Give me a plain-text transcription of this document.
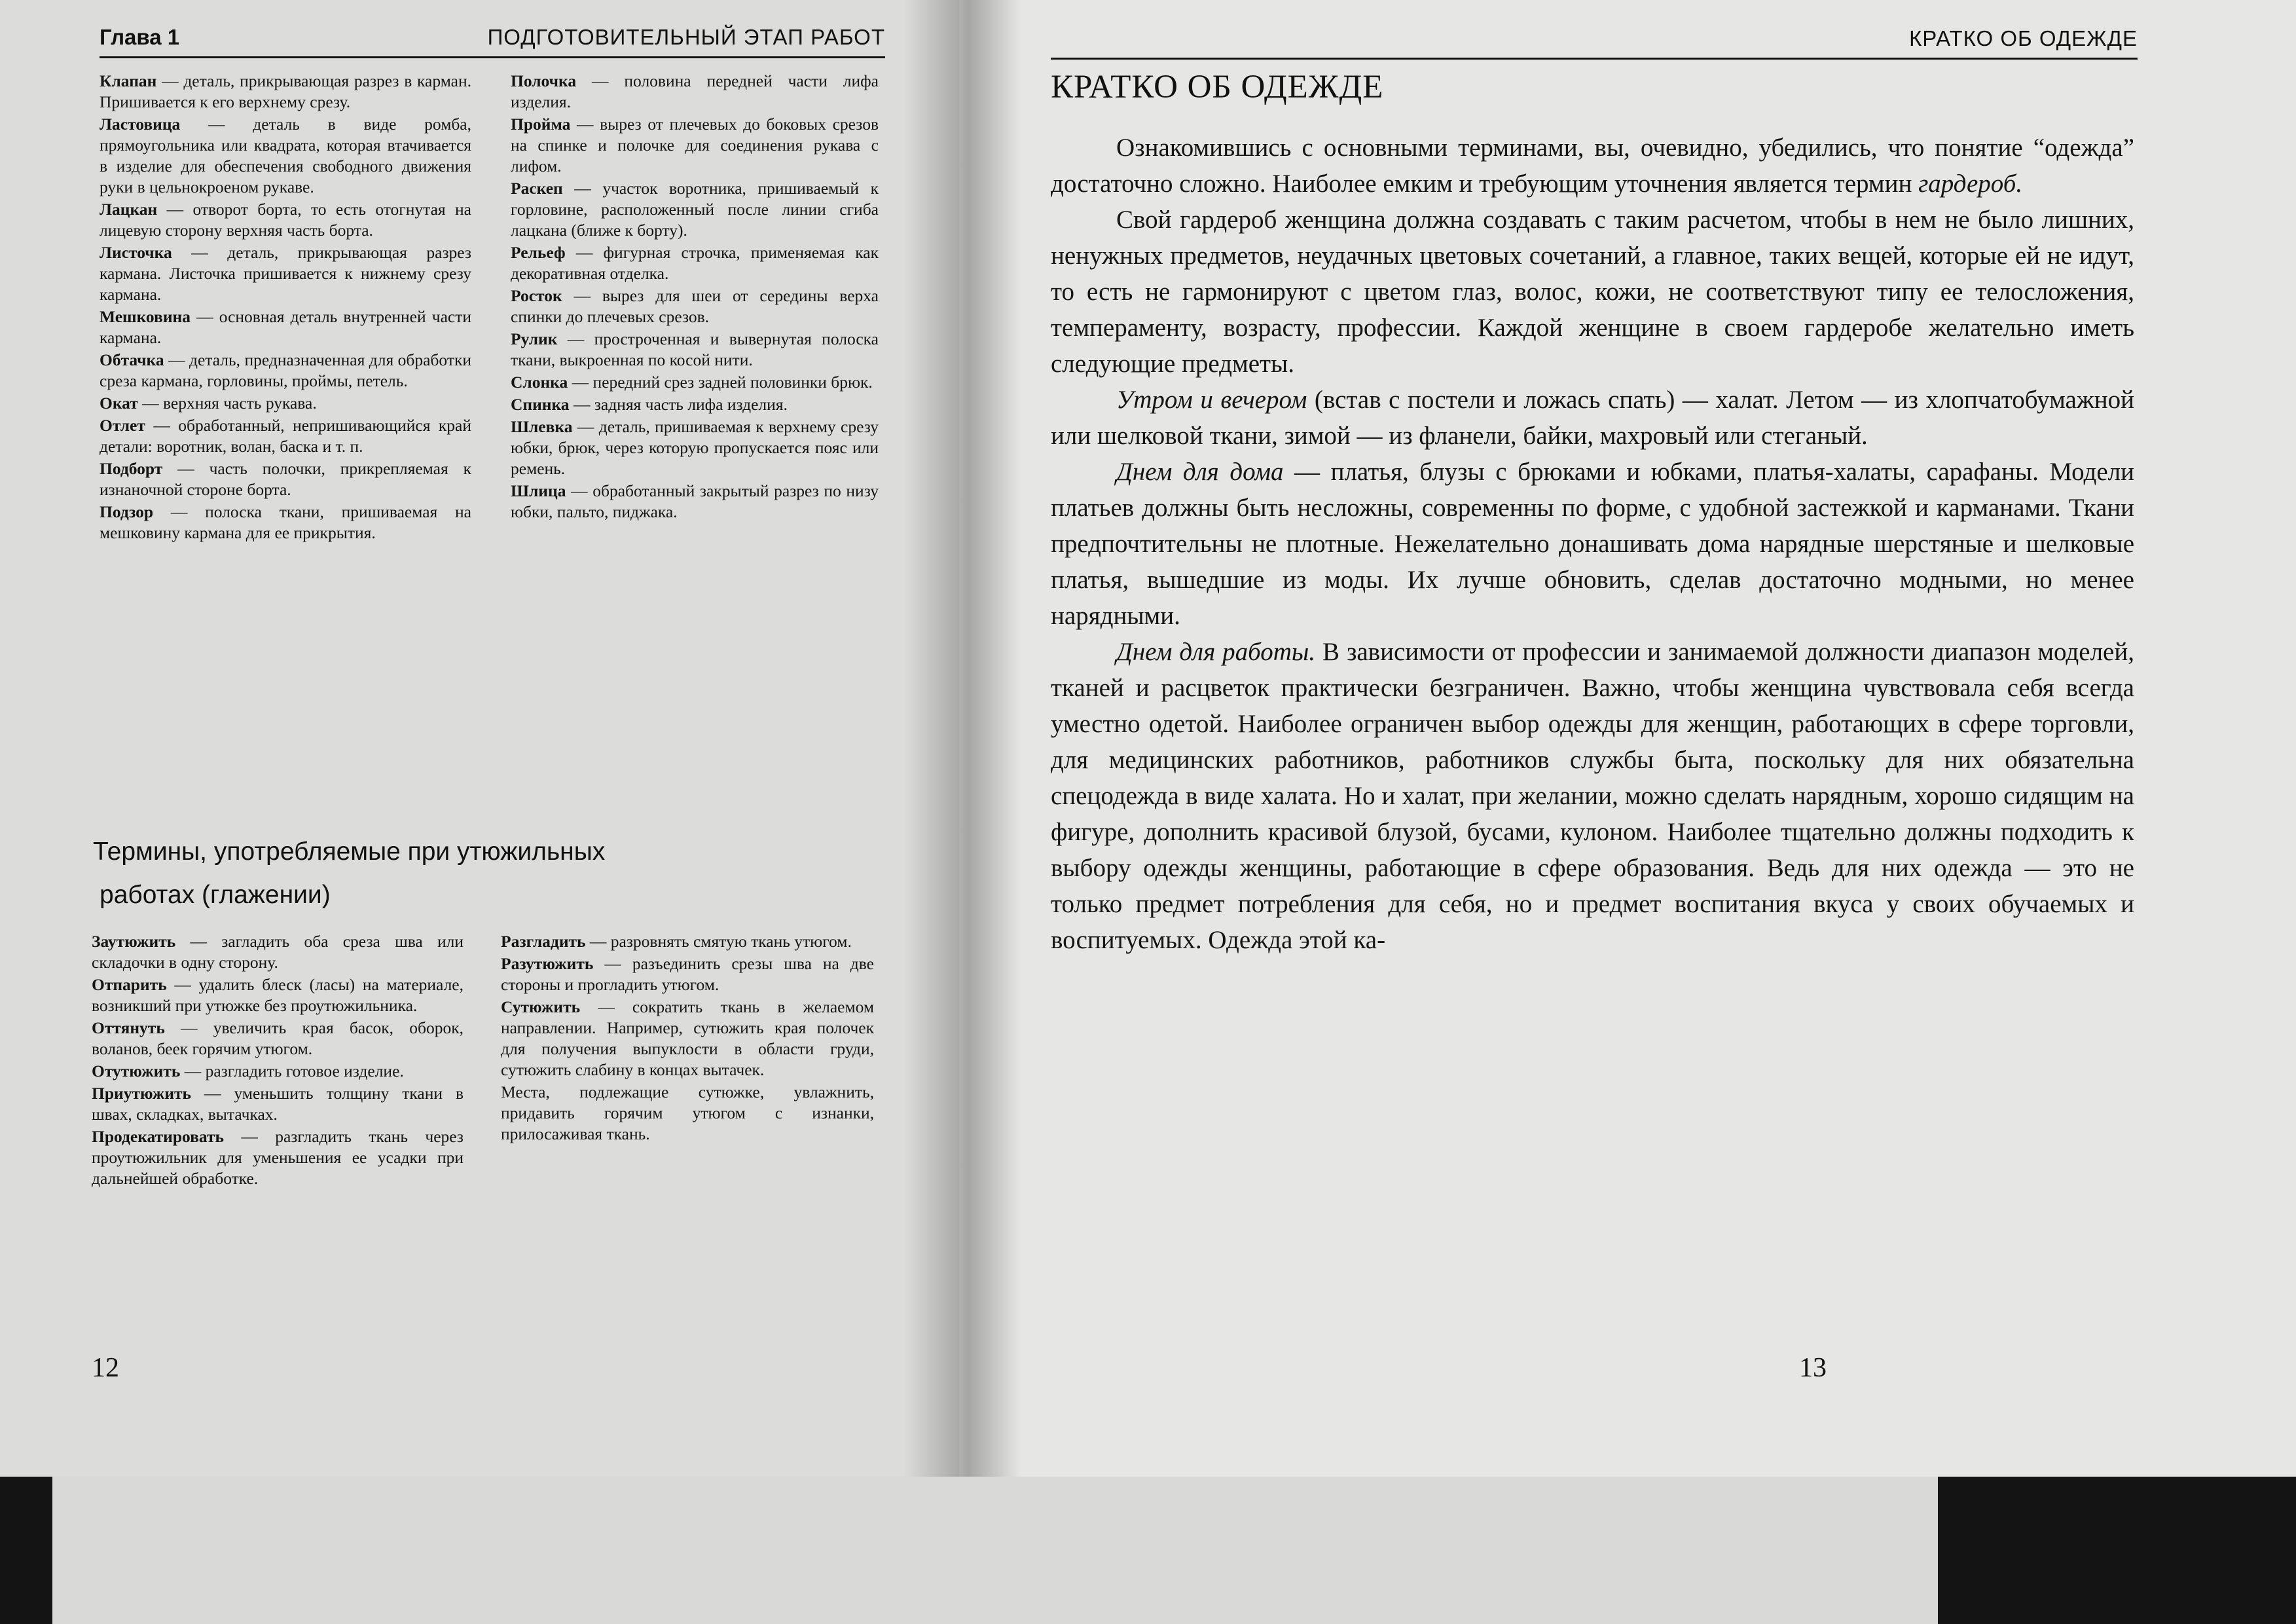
Глава 1	ПОДГОТОВИТЕЛЬНЫЙ ЭТАП РАБОТ

Клапан — деталь, прикрывающая разрез в карман. Пришивается к его верхнему срезу.

Ластовица — деталь в виде ромба, прямоугольника или квадрата, которая втачивается в изделие для обеспечения свободного движения руки в цельнокроеном рукаве.

Лацкан — отворот борта, то есть отогнутая на лицевую сторону верхняя часть борта.

Листочка — деталь, прикрывающая разрез кармана. Листочка пришивается к нижнему срезу кармана.

Мешковина — основная деталь внутренней части кармана.

Обтачка — деталь, предназначенная для обработки среза кармана, горловины, проймы, петель.

Окат — верхняя часть рукава.

Отлет — обработанный, непришивающийся край детали: воротник, волан, баска и т. п.

Подборт — часть полочки, прикрепляемая к изнаночной стороне борта.

Подзор — полоска ткани, пришиваемая на мешковину кармана для ее прикрытия.

Полочка — половина передней части лифа изделия.

Пройма — вырез от плечевых до боковых срезов на спинке и полочке для соединения рукава с лифом.

Раскеп — участок воротника, пришиваемый к горловине, расположенный после линии сгиба лацкана (ближе к борту).

Рельеф — фигурная строчка, применяемая как декоративная отделка.

Росток — вырез для шеи от середины верха спинки до плечевых срезов.

Рулик — простроченная и вывернутая полоска ткани, выкроенная по косой нити.

Слонка — передний срез задней половинки брюк.

Спинка — задняя часть лифа изделия.

Шлевка — деталь, пришиваемая к верхнему срезу юбки, брюк, через которую пропускается пояс или ремень.

Шлица — обработанный закрытый разрез по низу юбки, пальто, пиджака.

Термины, употребляемые при утюжильных
работах (глажении)

Заутюжить — загладить оба среза шва или складочки в одну сторону.

Отпарить — удалить блеск (ласы) на материале, возникший при утюжке без проутюжильника.

Оттянуть — увеличить края басок, оборок, воланов, беек горячим утюгом.

Отутюжить — разгладить готовое изделие.

Приутюжить — уменьшить толщину ткани в швах, складках, вытачках.

Продекатировать — разгладить ткань через проутюжильник для уменьшения ее усадки при дальнейшей обработке.

Разгладить — разровнять смятую ткань утюгом.

Разутюжить — разъединить срезы шва на две стороны и прогладить утюгом.

Сутюжить — сократить ткань в желаемом направлении. Например, сутюжить края полочек для получения выпуклости в области груди, сутюжить слабину в концах вытачек.

Места, подлежащие сутюжке, увлажнить, придавить горячим утюгом с изнанки, прилосаживая ткань.

12
КРАТКО ОБ ОДЕЖДЕ
КРАТКО ОБ ОДЕЖДЕ

Ознакомившись с основными терминами, вы, очевидно, убедились, что понятие “одежда” достаточно сложно. Наиболее емким и требующим уточнения является термин гардероб.

Свой гардероб женщина должна создавать с таким расчетом, чтобы в нем не было лишних, ненужных предметов, неудачных цветовых сочетаний, а главное, таких вещей, которые ей не идут, то есть не гармонируют с цветом глаз, волос, кожи, не соответствуют типу ее телосложения, темпераменту, возрасту, профессии. Каждой женщине в своем гардеробе желательно иметь следующие предметы.

Утром и вечером (встав с постели и ложась спать) — халат. Летом — из хлопчатобумажной или шелковой ткани, зимой — из фланели, байки, махровый или стеганый.

Днем для дома — платья, блузы с брюками и юбками, платья-халаты, сарафаны. Модели платьев должны быть несложны, современны по форме, с удобной застежкой и карманами. Ткани предпочтительны не плотные. Нежелательно донашивать дома нарядные шерстяные и шелковые платья, вышедшие из моды. Их лучше обновить, сделав достаточно модными, но менее нарядными.

Днем для работы. В зависимости от профессии и занимаемой должности диапазон моделей, тканей и расцветок практически безграничен. Важно, чтобы женщина чувствовала себя всегда уместно одетой. Наиболее ограничен выбор одежды для женщин, работающих в сфере торговли, для медицинских работников, работников службы быта, поскольку для них обязательна спецодежда в виде халата. Но и халат, при желании, можно сделать нарядным, хорошо сидящим на фигуре, дополнить красивой блузой, бусами, кулоном. Наиболее тщательно должны подходить к выбору одежды женщины, работающие в сфере образования. Ведь для них одежда — это не только предмет потребления для себя, но и предмет воспитания вкуса у своих обучаемых и воспитуемых. Одежда этой ка-

13
